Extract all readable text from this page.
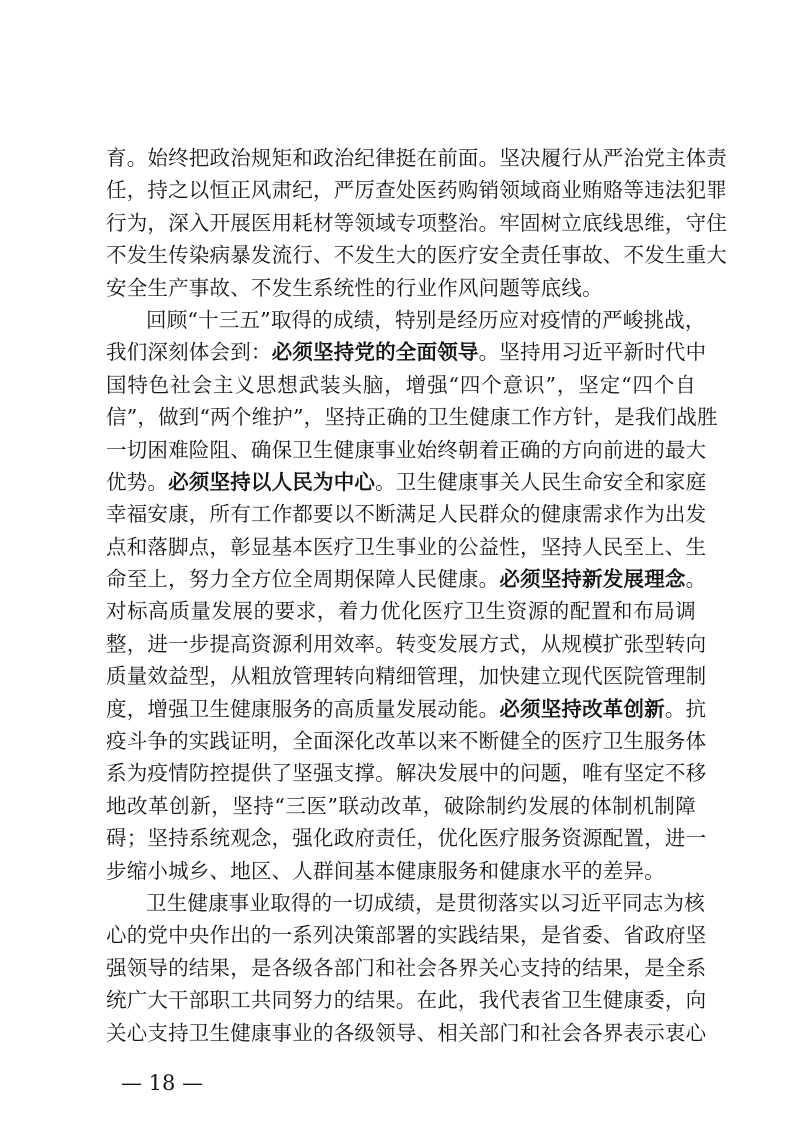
育。始终把政治规矩和政治纪律挺在前面。坚决履行从严治党主体责
任，持之以恒正风肃纪，严厉查处医药购销领域商业贿赂等违法犯罪
行为，深入开展医用耗材等领域专项整治。牢固树立底线思维，守住
不发生传染病暴发流行、不发生大的医疗安全责任事故、不发生重大
安全生产事故、不发生系统性的行业作风问题等底线。
回顾“十三五”取得的成绩，特别是经历应对疫情的严峻挑战，
我们深刻体会到：必须坚持党的全面领导。坚持用习近平新时代中
国特色社会主义思想武装头脑，增强“四个意识”，坚定“四个自
信”，做到“两个维护”，坚持正确的卫生健康工作方针，是我们战胜
一切困难险阻、确保卫生健康事业始终朝着正确的方向前进的最大
优势。必须坚持以人民为中心。卫生健康事关人民生命安全和家庭
幸福安康，所有工作都要以不断满足人民群众的健康需求作为出发
点和落脚点，彰显基本医疗卫生事业的公益性，坚持人民至上、生
命至上，努力全方位全周期保障人民健康。必须坚持新发展理念。
对标高质量发展的要求，着力优化医疗卫生资源的配置和布局调
整，进一步提高资源利用效率。转变发展方式，从规模扩张型转向
质量效益型，从粗放管理转向精细管理，加快建立现代医院管理制
度，增强卫生健康服务的高质量发展动能。必须坚持改革创新。抗
疫斗争的实践证明，全面深化改革以来不断健全的医疗卫生服务体
系为疫情防控提供了坚强支撑。解决发展中的问题，唯有坚定不移
地改革创新，坚持“三医”联动改革，破除制约发展的体制机制障
碍；坚持系统观念，强化政府责任，优化医疗服务资源配置，进一
步缩小城乡、地区、人群间基本健康服务和健康水平的差异。
卫生健康事业取得的一切成绩，是贯彻落实以习近平同志为核
心的党中央作出的一系列决策部署的实践结果，是省委、省政府坚
强领导的结果，是各级各部门和社会各界关心支持的结果，是全系
统广大干部职工共同努力的结果。在此，我代表省卫生健康委，向
关心支持卫生健康事业的各级领导、相关部门和社会各界表示衷心
— 18 —
